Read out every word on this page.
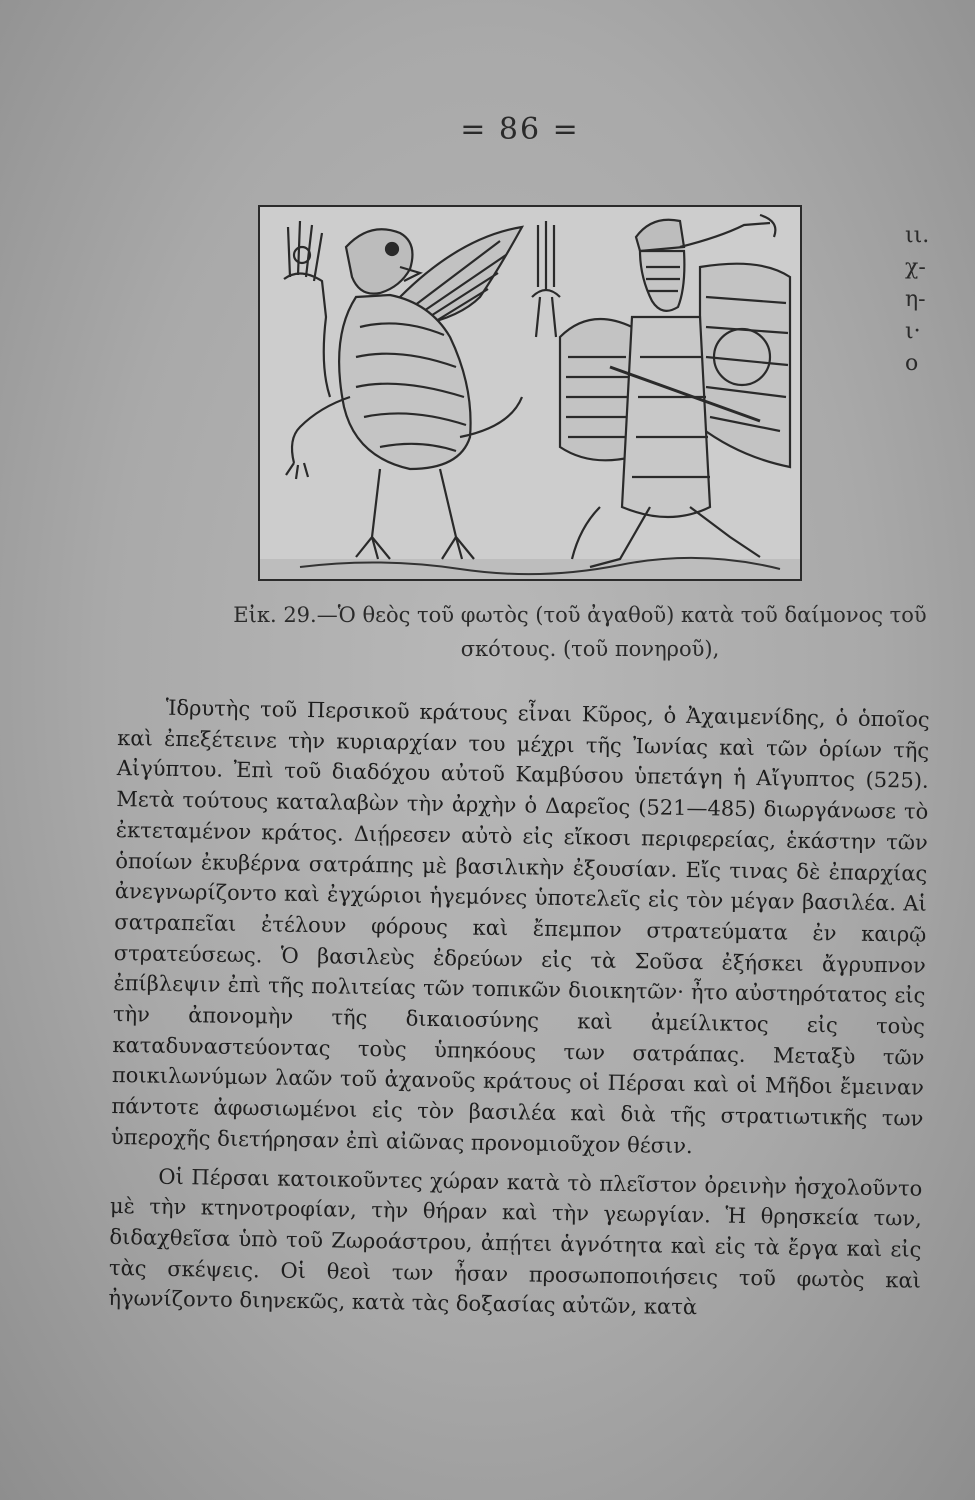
= 86 =
Εἰκ. 29.—Ὁ θεὸς τοῦ φωτὸς (τοῦ ἀγαθοῦ) κατὰ τοῦ δαίμονος τοῦ
σκότους. (τοῦ πονηροῦ),

Ἱδρυτὴς τοῦ Περσικοῦ κράτους εἶναι Κῦρος, ὁ Ἀχαιμενίδης, ὁ ὁποῖος καὶ ἐπεξέτεινε τὴν κυριαρχίαν του μέχρι τῆς Ἰωνίας καὶ τῶν ὁρίων τῆς Αἰγύπτου. Ἐπὶ τοῦ διαδόχου αὐτοῦ Καμβύσου ὑπετάγη ἡ Αἴγυπτος (525). Μετὰ τούτους καταλαβὼν τὴν ἀρχὴν ὁ Δαρεῖος (521—485) διωργάνωσε τὸ ἐκτεταμένον κράτος. Διῄρεσεν αὐτὸ εἰς εἴκοσι περιφερείας, ἑκάστην τῶν ὁποίων ἐκυβέρνα σατράπης μὲ βασιλικὴν ἐξουσίαν. Εἴς τινας δὲ ἐπαρχίας ἀνεγνωρίζοντο καὶ ἐγχώριοι ἡγεμόνες ὑποτελεῖς εἰς τὸν μέγαν βασιλέα. Αἱ σατραπεῖαι ἐτέλουν φόρους καὶ ἔπεμπον στρατεύματα ἐν καιρῷ στρατεύσεως. Ὁ βασιλεὺς ἐδρεύων εἰς τὰ Σοῦσα ἐξήσκει ἄγρυπνον ἐπίβλεψιν ἐπὶ τῆς πολιτείας τῶν τοπικῶν διοικητῶν· ἦτο αὐστηρότατος εἰς τὴν ἀπονομὴν τῆς δικαιοσύνης καὶ ἀμείλικτος εἰς τοὺς καταδυναστεύοντας τοὺς ὑπηκόους των σατράπας. Μεταξὺ τῶν ποικιλωνύμων λαῶν τοῦ ἀχανοῦς κράτους οἱ Πέρσαι καὶ οἱ Μῆδοι ἔμειναν πάντοτε ἀφωσιωμένοι εἰς τὸν βασιλέα καὶ διὰ τῆς στρατιωτικῆς των ὑπεροχῆς διετήρησαν ἐπὶ αἰῶνας προνομιοῦχον θέσιν.

Οἱ Πέρσαι κατοικοῦντες χώραν κατὰ τὸ πλεῖστον ὀρεινὴν ἠσχολοῦντο μὲ τὴν κτηνοτροφίαν, τὴν θήραν καὶ τὴν γεωργίαν. Ἡ θρησκεία των, διδαχθεῖσα ὑπὸ τοῦ Ζωροάστρου, ἀπῄτει ἁγνότητα καὶ εἰς τὰ ἔργα καὶ εἰς τὰς σκέψεις. Οἱ θεοὶ των ἦσαν προσωποποιήσεις τοῦ φωτὸς καὶ ἠγωνίζοντο διηνεκῶς, κατὰ τὰς δοξασίας αὐτῶν, κατὰ

ιι.
χ-
η-
ι·
ο
